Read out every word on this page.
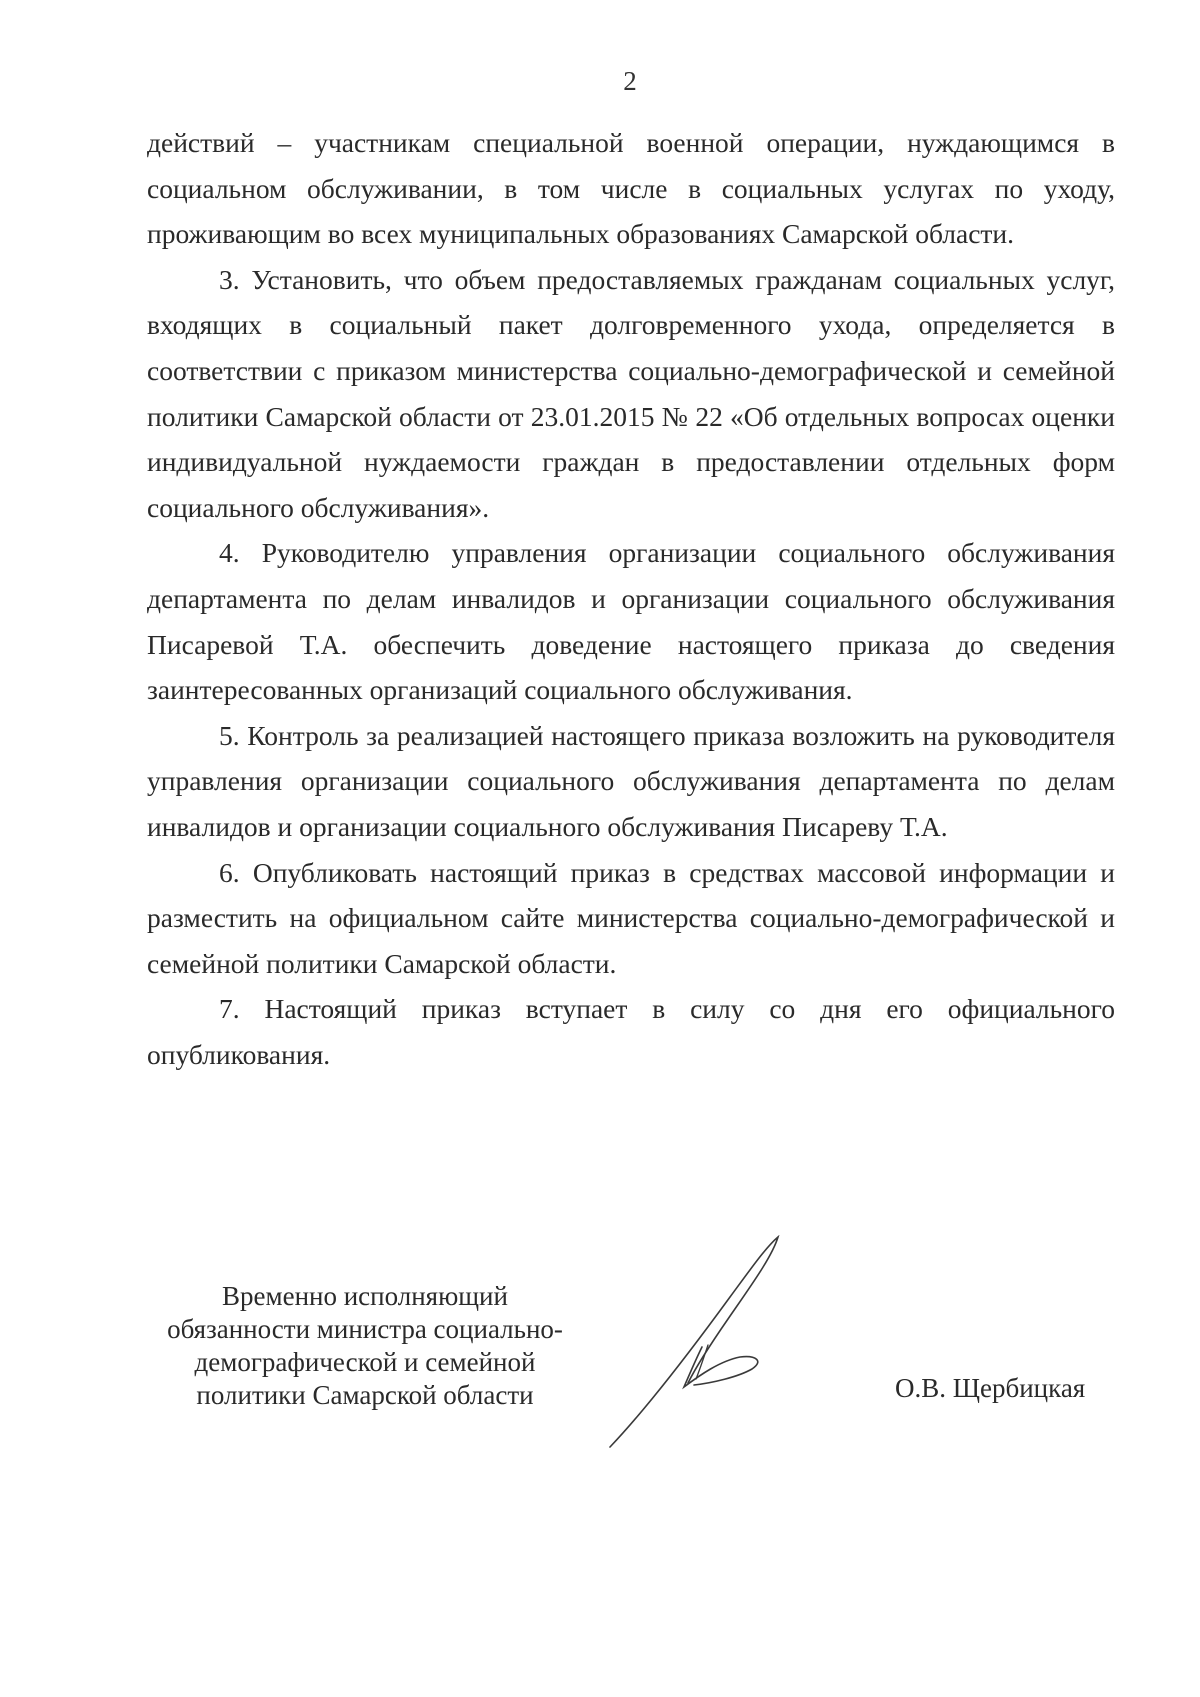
2

действий – участникам специальной военной операции, нуждающимся в социальном обслуживании, в том числе в социальных услугах по уходу, проживающим во всех муниципальных образованиях Самарской области.

3. Установить, что объем предоставляемых гражданам социальных услуг, входящих в социальный пакет долговременного ухода, определяется в соответствии с приказом министерства социально-демографической и семейной политики Самарской области от 23.01.2015 № 22 «Об отдельных вопросах оценки индивидуальной нуждаемости граждан в предоставлении отдельных форм социального обслуживания».

4. Руководителю управления организации социального обслуживания департамента по делам инвалидов и организации социального обслуживания Писаревой Т.А. обеспечить доведение настоящего приказа до сведения заинтересованных организаций социального обслуживания.

5. Контроль за реализацией настоящего приказа возложить на руководителя управления организации социального обслуживания департамента по делам инвалидов и организации социального обслуживания Писареву Т.А.

6. Опубликовать настоящий приказ в средствах массовой информации и разместить на официальном сайте министерства социально-демографической и семейной политики Самарской области.

7. Настоящий приказ вступает в силу со дня его официального опубликования.

Временно исполняющий
обязанности министра социально-
демографической и семейной
политики Самарской области	О.В. Щербицкая
